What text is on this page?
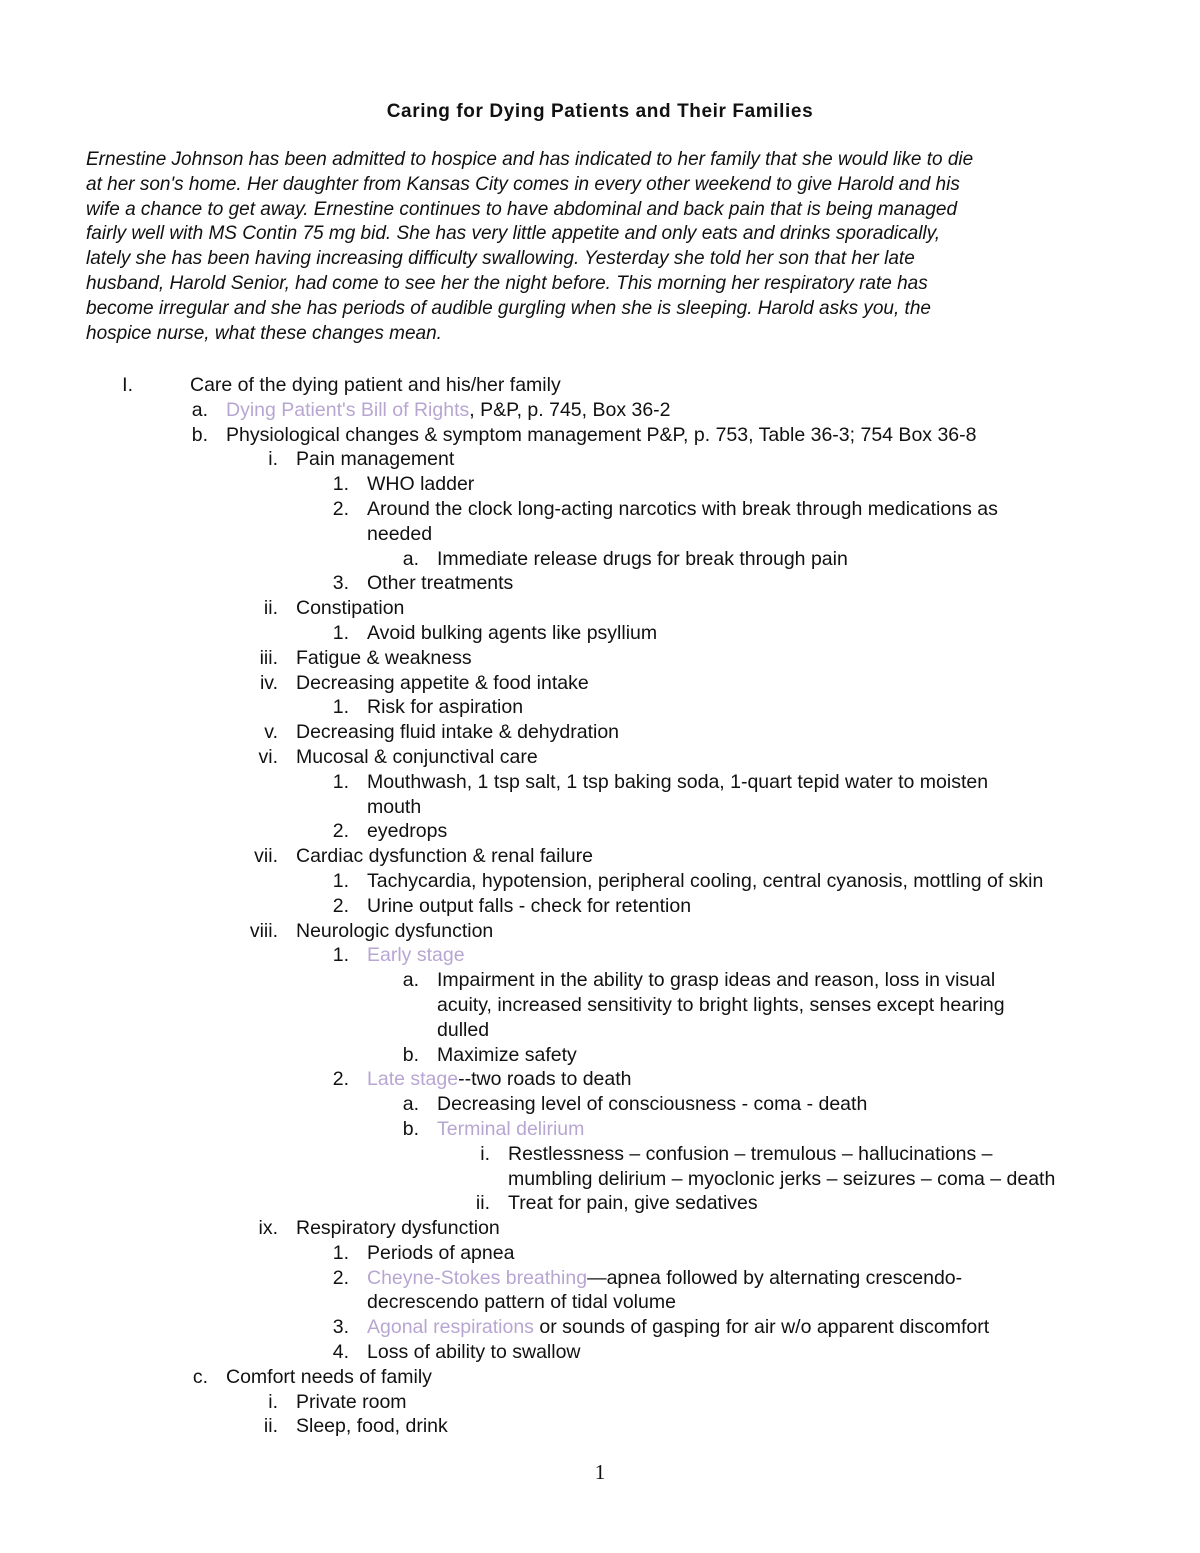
Caring for Dying Patients and Their Families
Ernestine Johnson has been admitted to hospice and has indicated to her family that she would like to die
at her son's home. Her daughter from Kansas City comes in every other weekend to give Harold and his
wife a chance to get away. Ernestine continues to have abdominal and back pain that is being managed
fairly well with MS Contin 75 mg bid. She has very little appetite and only eats and drinks sporadically,
lately she has been having increasing difficulty swallowing. Yesterday she told her son that her late
husband, Harold Senior, had come to see her the night before. This morning her respiratory rate has
become irregular and she has periods of audible gurgling when she is sleeping. Harold asks you, the
hospice nurse, what these changes mean.
I.	Care of the dying patient and his/her family
a. Dying Patient's Bill of Rights, P&P, p. 745, Box 36-2
b. Physiological changes & symptom management P&P, p. 753, Table 36-3; 754 Box 36-8
i. Pain management
1. WHO ladder
2. Around the clock long-acting narcotics with break through medications as
needed
a. Immediate release drugs for break through pain
3. Other treatments
ii. Constipation
1. Avoid bulking agents like psyllium
iii. Fatigue & weakness
iv. Decreasing appetite & food intake
1. Risk for aspiration
v. Decreasing fluid intake & dehydration
vi. Mucosal & conjunctival care
1. Mouthwash, 1 tsp salt, 1 tsp baking soda, 1-quart tepid water to moisten
mouth
2. eyedrops
vii. Cardiac dysfunction & renal failure
1. Tachycardia, hypotension, peripheral cooling, central cyanosis, mottling of skin
2. Urine output falls - check for retention
viii. Neurologic dysfunction
1. Early stage
a. Impairment in the ability to grasp ideas and reason, loss in visual
acuity, increased sensitivity to bright lights, senses except hearing
dulled
b. Maximize safety
2. Late stage--two roads to death
a. Decreasing level of consciousness - coma - death
b. Terminal delirium
i. Restlessness – confusion – tremulous – hallucinations –
mumbling delirium – myoclonic jerks – seizures – coma – death
ii. Treat for pain, give sedatives
ix. Respiratory dysfunction
1. Periods of apnea
2. Cheyne-Stokes breathing—apnea followed by alternating crescendo-
decrescendo pattern of tidal volume
3. Agonal respirations or sounds of gasping for air w/o apparent discomfort
4. Loss of ability to swallow
c. Comfort needs of family
i. Private room
ii. Sleep, food, drink
1
